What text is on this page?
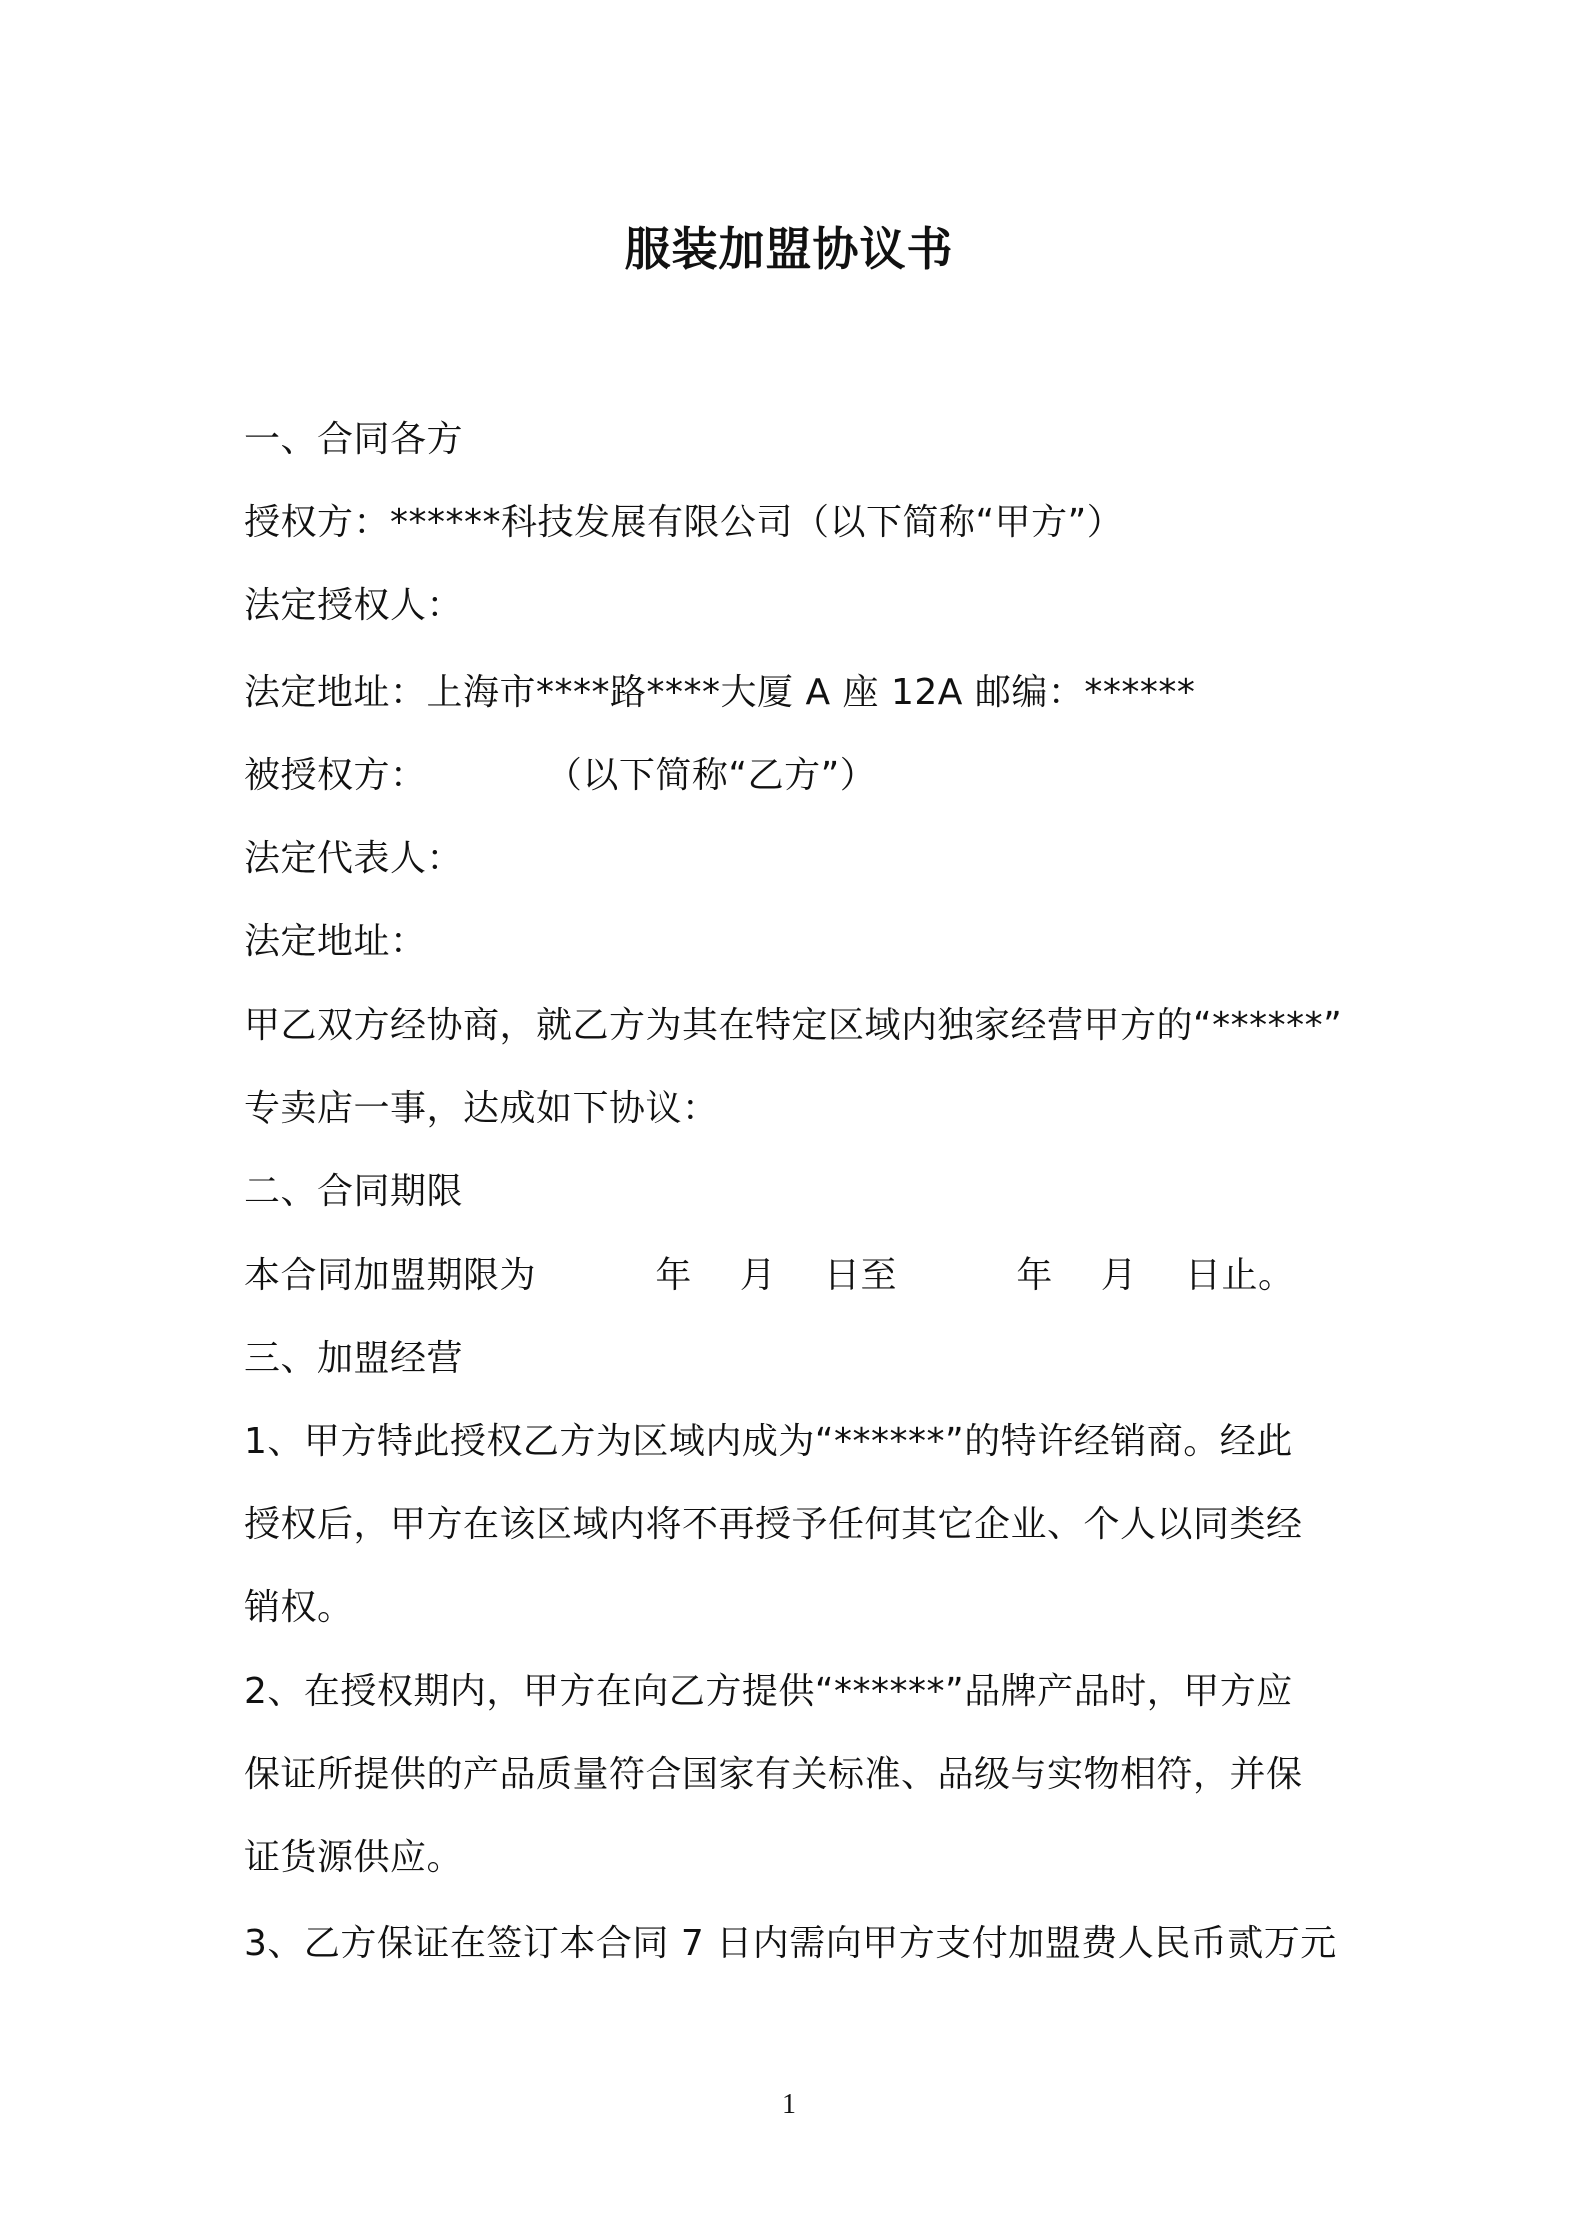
服装加盟协议书
一、合同各方
授权方：******科技发展有限公司（以下简称“甲方”）
法定授权人：
法定地址：上海市****路****大厦 A 座 12A 邮编：******
被授权方：          （以下简称“乙方”）
法定代表人：
法定地址：
甲乙双方经协商，就乙方为其在特定区域内独家经营甲方的“******”
专卖店一事，达成如下协议：
二、合同期限
本合同加盟期限为          年    月    日至          年    月    日止。
三、加盟经营
1、甲方特此授权乙方为区域内成为“******”的特许经销商。经此
授权后，甲方在该区域内将不再授予任何其它企业、个人以同类经
销权。
2、在授权期内，甲方在向乙方提供“******”品牌产品时，甲方应
保证所提供的产品质量符合国家有关标准、品级与实物相符，并保
证货源供应。
3、乙方保证在签订本合同 7 日内需向甲方支付加盟费人民币贰万元
1
